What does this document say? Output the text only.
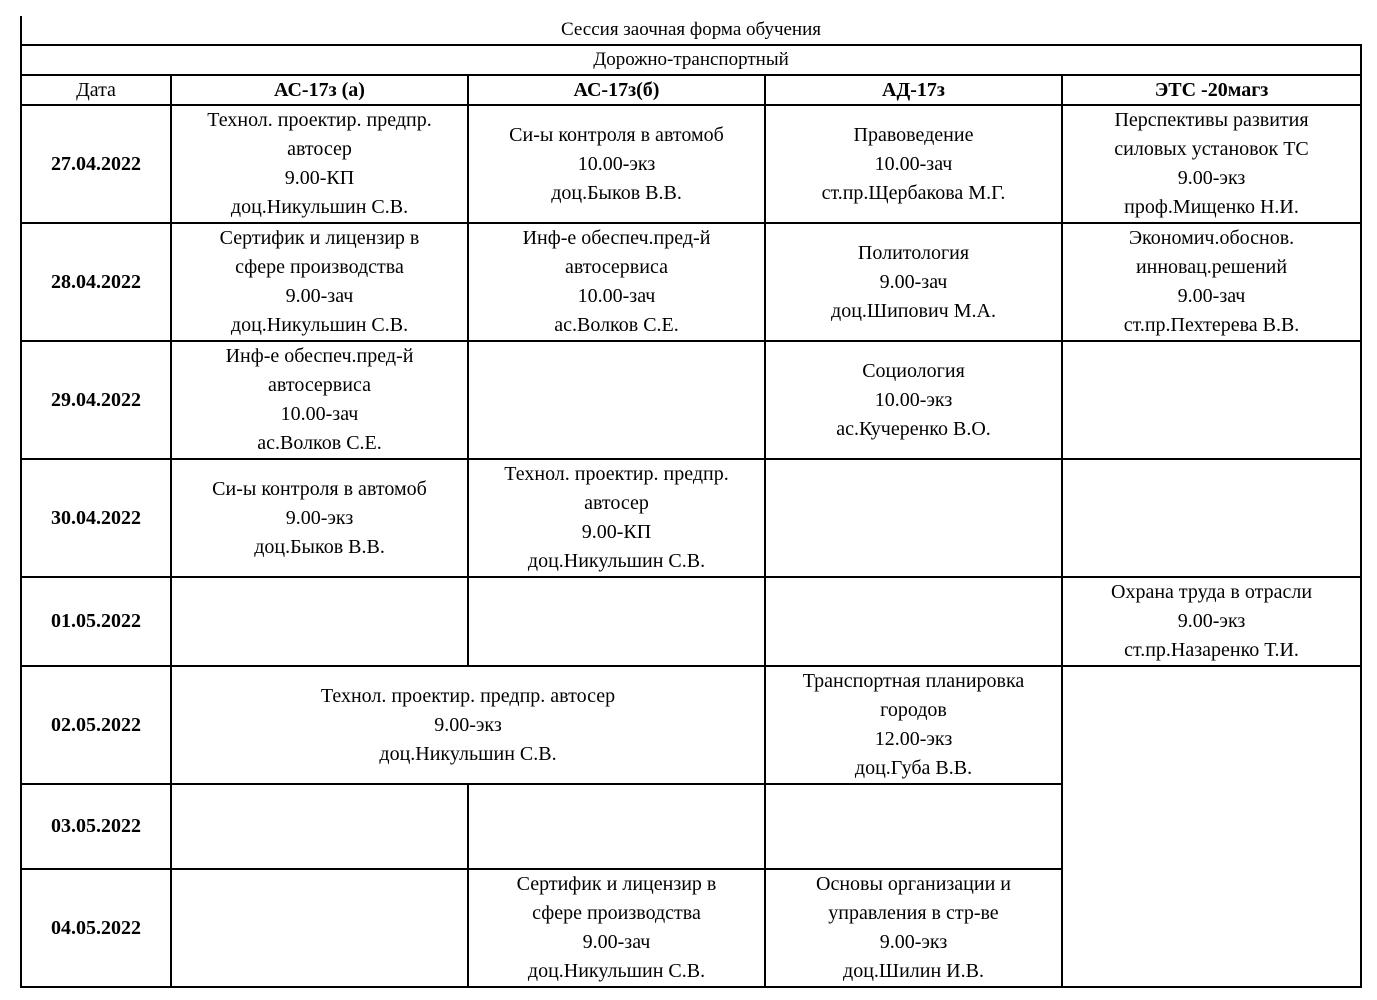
Сессия заочная форма обучения
Дорожно-транспортный				
Дата	АС-17з (а)	АС-17з(б)	АД-17з	ЭТС -20магз
27.04.2022	Технол. проектир. предпр.
автосер
9.00-КП
доц.Никульшин С.В.	Си-ы контроля в автомоб
10.00-экз
доц.Быков В.В.	Правоведение
10.00-зач
ст.пр.Щербакова М.Г.	Перспективы развития
силовых установок ТС
9.00-экз
проф.Мищенко Н.И.

28.04.2022	Сертифик и лицензир в
сфере производства
9.00-зач
доц.Никульшин С.В.	Инф-е обеспеч.пред-й
автосервиса
10.00-зач
ас.Волков С.Е.	Политология
9.00-зач
доц.Шипович М.А.	Экономич.обоснов.
инновац.решений
9.00-зач
ст.пр.Пехтерева В.В.

29.04.2022	Инф-е обеспеч.пред-й
автосервиса
10.00-зач
ас.Волков С.Е.		Социология
10.00-экз
ас.Кучеренко В.О.	

30.04.2022	Си-ы контроля в автомоб
9.00-экз
доц.Быков В.В.	Технол. проектир. предпр.
автосер
9.00-КП
доц.Никульшин С.В.		

01.05.2022				Охрана труда в отрасли
9.00-экз
ст.пр.Назаренко Т.И.

02.05.2022	Технол. проектир. предпр. автосер
9.00-экз
доц.Никульшин С.В.		Транспортная планировка
городов
12.00-экз
доц.Губа В.В.	

03.05.2022				
04.05.2022		Сертифик и лицензир в
сфере производства
9.00-зач
доц.Никульшин С.В.	Основы организации и
управления в стр-ве
9.00-экз
доц.Шилин И.В.	
